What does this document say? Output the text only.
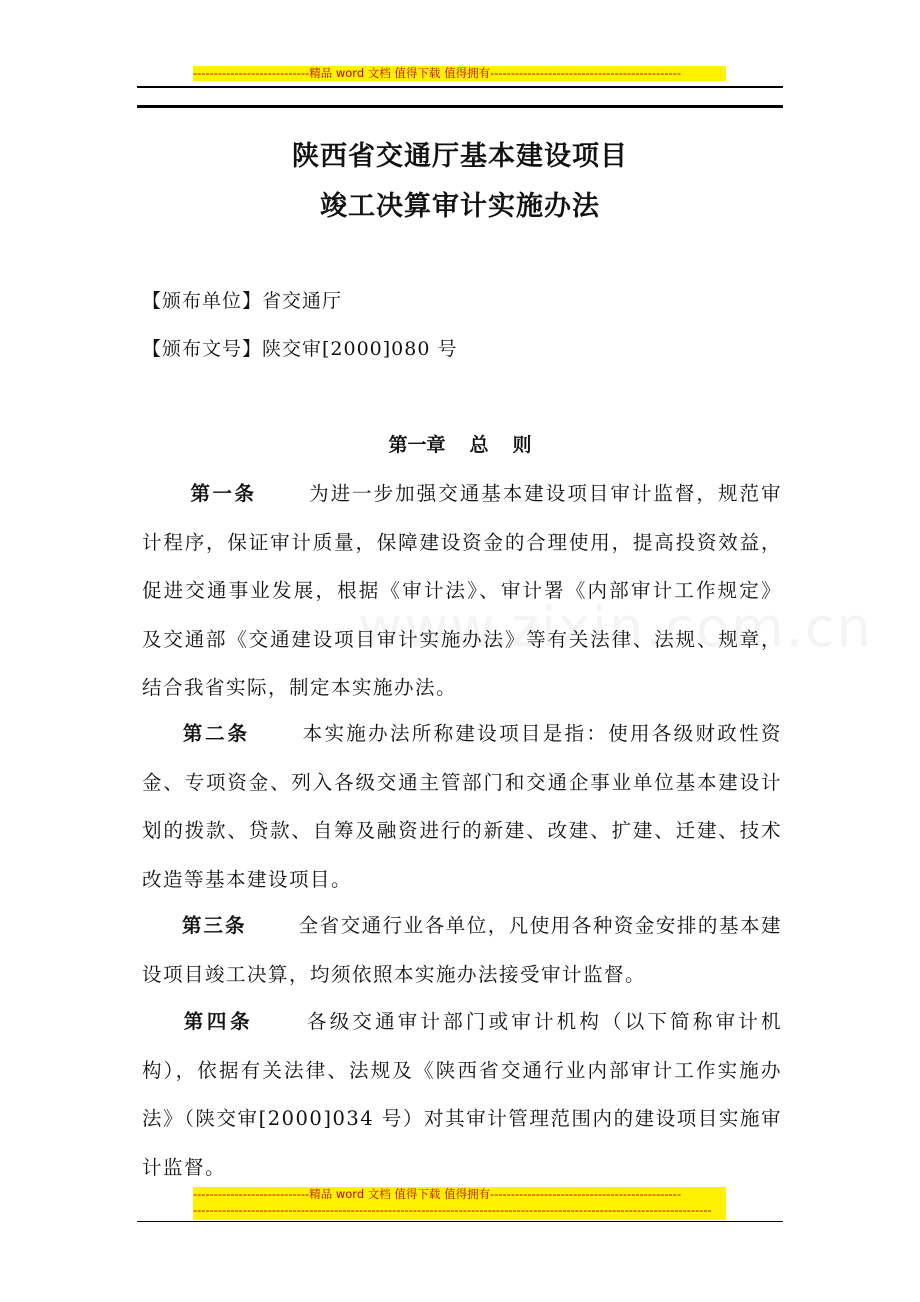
----------------------------精品 word 文档 值得下载 值得拥有----------------------------------------------
陕西省交通厅基本建设项目
竣工决算审计实施办法
【颁布单位】省交通厅
【颁布文号】陕交审[2000]080 号
第一章 总 则
第一条	为进一步加强交通基本建设项目审计监督，规范审计程序，保证审计质量，保障建设资金的合理使用，提高投资效益，促进交通事业发展，根据《审计法》、审计署《内部审计工作规定》及交通部《交通建设项目审计实施办法》等有关法律、法规、规章，结合我省实际，制定本实施办法。
第二条	本实施办法所称建设项目是指：使用各级财政性资金、专项资金、列入各级交通主管部门和交通企事业单位基本建设计划的拨款、贷款、自筹及融资进行的新建、改建、扩建、迁建、技术改造等基本建设项目。
第三条	全省交通行业各单位，凡使用各种资金安排的基本建设项目竣工决算，均须依照本实施办法接受审计监督。
第四条	各级交通审计部门或审计机构（以下简称审计机构），依据有关法律、法规及《陕西省交通行业内部审计工作实施办法》（陕交审[2000]034 号）对其审计管理范围内的建设项目实施审计监督。
----------------------------精品 word 文档 值得下载 值得拥有----------------------------------------------
-----------------------------------------------------------------------------------------------------------------------------
